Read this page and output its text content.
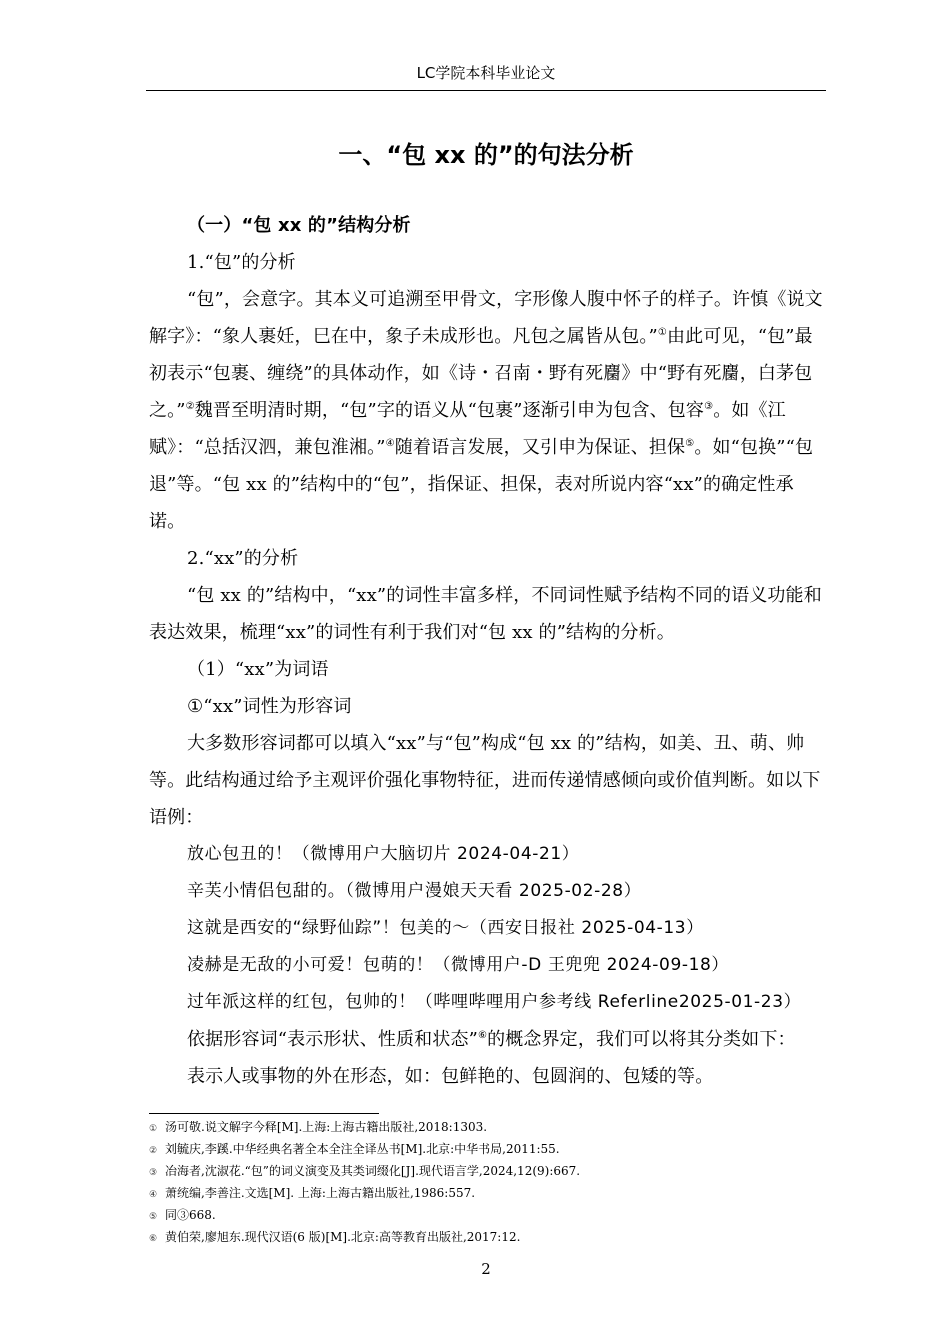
LC学院本科毕业论文
一、“包 xx 的”的句法分析

（一）“包 xx 的”结构分析

1.“包”的分析

“包”，会意字。其本义可追溯至甲骨文，字形像人腹中怀子的样子。许慎《说文解字》：“象人裹妊，巳在中，象子未成形也。凡包之属皆从包。”①由此可见，“包”最初表示“包裹、缠绕”的具体动作，如《诗・召南・野有死麕》中“野有死麕，白茅包之。”②魏晋至明清时期，“包”字的语义从“包裹”逐渐引申为包含、包容③。如《江赋》：“总括汉泗，兼包淮湘。”④随着语言发展，又引申为保证、担保⑤。如“包换”“包退”等。“包 xx 的”结构中的“包”，指保证、担保，表对所说内容“xx”的确定性承诺。

2.“xx”的分析

“包 xx 的”结构中，“xx”的词性丰富多样，不同词性赋予结构不同的语义功能和表达效果，梳理“xx”的词性有利于我们对“包 xx 的”结构的分析。

（1）“xx”为词语

①“xx”词性为形容词

大多数形容词都可以填入“xx”与“包”构成“包 xx 的”结构，如美、丑、萌、帅等。此结构通过给予主观评价强化事物特征，进而传递情感倾向或价值判断。如以下语例：

放心包丑的！（微博用户大脑切片 2024-04-21）

辛芙小情侣包甜的。（微博用户漫娘天天看 2025-02-28）

这就是西安的“绿野仙踪”！包美的～（西安日报社 2025-04-13）

凌赫是无敌的小可爱！包萌的！（微博用户-D 王兜兜 2024-09-18）

过年派这样的红包，包帅的！（哔哩哔哩用户参考线 Referline2025-01-23）

依据形容词“表示形状、性质和状态”⑥的概念界定，我们可以将其分类如下：

表示人或事物的外在形态，如：包鲜艳的、包圆润的、包矮的等。

① 汤可敬.说文解字今释[M].上海:上海古籍出版社,2018:1303.
② 刘毓庆,李蹊.中华经典名著全本全注全译丛书[M].北京:中华书局,2011:55.
③ 冶海者,沈淑花.“包”的词义演变及其类词缀化[J].现代语言学,2024,12(9):667.
④ 萧统编,李善注.文选[M]. 上海:上海古籍出版社,1986:557.
⑤ 同③668.
⑥ 黄伯荣,廖旭东.现代汉语(6 版)[M].北京:高等教育出版社,2017:12.
2
